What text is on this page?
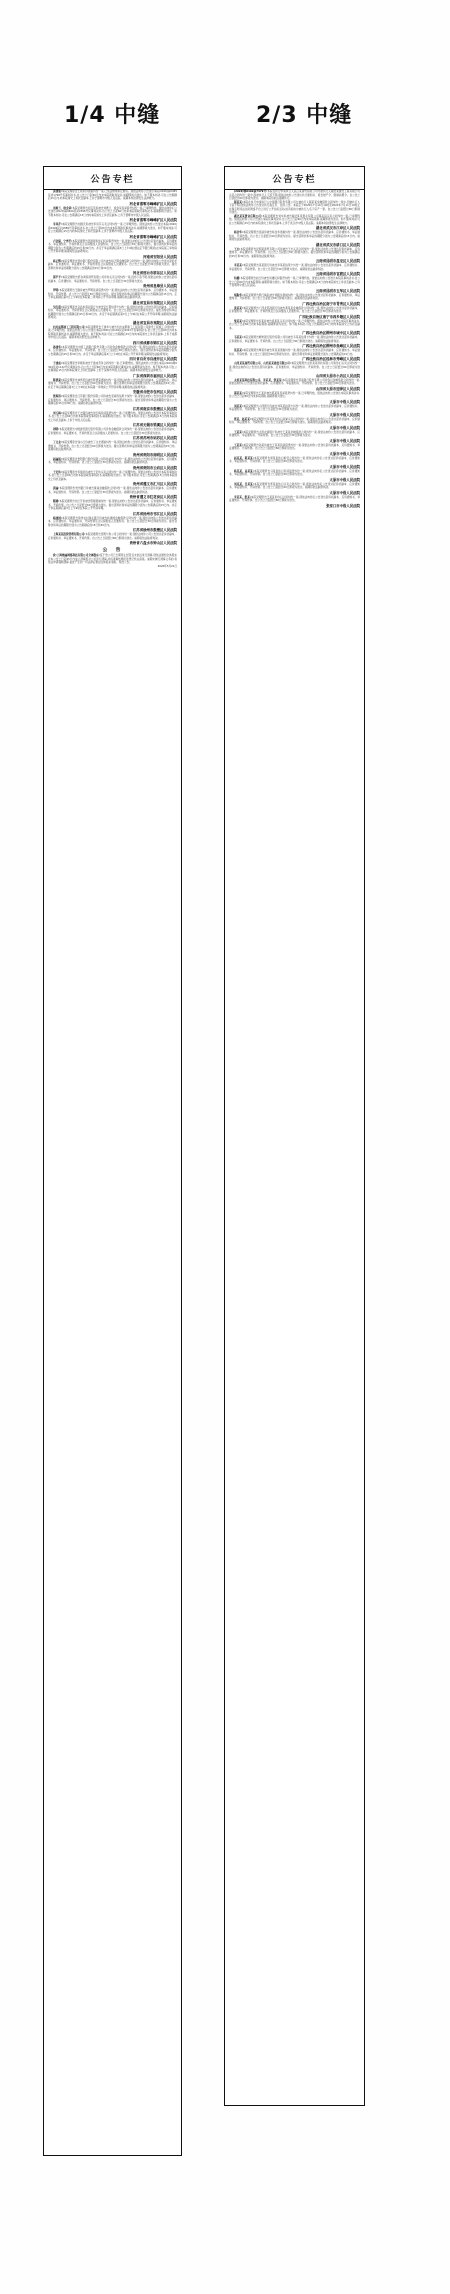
1/4 中缝	2/3 中缝
公告专栏

黄建旭:本院受理原告王艳诉你离婚纠纷一案,已依法缴纳诉讼费用。现依法向你公告送达本院(2020)冀0485民初1768号民事判决书,自公告之日起60日内来本院领取判决书,逾期即视为送达。如不服本判决,可在公告期满后15日内,向本院递交上诉状及副本,上诉于邯郸市中级人民法院。逾期本判决即发生法律效力。

河北省邯郸市峰峰矿区人民法院

刘惠兰、徐金荣:本院受理原告何宝英诉被告刘惠兰、徐金荣民间借贷纠纷一案,已审理终结。现依法向你们公告送达(2020)冀0406民初2396号民事判决书,自公告之日起60日内来本院领取民事判决书,逾期即视为送达。如不服本判决,可在公告期满后15日内向本院递交上诉状及副本,上诉于邯郸市中级人民法院。

河北省邯郸市峰峰矿区人民法院

李凤芹:本院受理原告刘国庆诉被告李凤芹买卖合同纠纷一案,已审理终结。现依法向你公告送达本院(2020)冀0406民初1889号民事判决书,自公告之日起60日内来本院领取民事判决书,逾期即视为送达。如不服本判决,可在公告期满后15日内向本院递交上诉状及副本,上诉于邯郸市中级人民法院。

河北省邯郸市峰峰矿区人民法院

卢金保、宁秀平:本院受理原告张国强诉你们民间借贷纠纷一案,现依法向你们公告送达起诉状副本、应诉通知书、举证通知书、开庭传票及合议庭组成人员通知书。自公告之日起经过30日即视为送达。提出答辩状和举证的期限分别为公告期满后的15日和30日内。并定于举证期满后第3日上午9时(遇法定节假日顺延)在本院第三审判庭公开开庭审理,逾期将依法缺席判决。

河南省安阳县人民法院

杨正辉:本院受理原告邢台银行股份有限公司与被告杨正辉金融借款合同纠纷一案,现依法向你公告送达起诉状副本、应诉通知书、举证通知书、开庭传票及合议庭组成人员通知书。自公告之日起经过30日即视为送达。提出答辩状和举证的期限分别为公告期满后的15日和30日内。

河北省邢台市桥东区人民法院

郭平平:本院受理原告邢台鸿泰商贸有限公司诉你买卖合同纠纷一案,因你下落不明,现依法向你公告送达起诉状副本、应诉通知书、举证通知书、开庭传票。自公告之日起经过30日即视为送达。

贵州省息烽县人民法院

罗明:本院受理原告王刚诉被告罗明民间借贷纠纷一案,现依法向你公告送达起诉状副本、应诉通知书、举证通知书、开庭传票。自公告之日起经过30日即视为送达。提出答辩状和举证的期限分别为公告期满后的15日内。定于举证期满后第3日上午9时在本院第二审判庭公开开庭审理,逾期将依法缺席判决。

湖北省宜昌市夷陵区人民法院

吴红霞:本院受理原告宜昌市商业银行与被告吴红霞信用卡纠纷一案,现依法向你公告送达起诉状副本、应诉通知书、举证通知书、开庭传票及合议庭组成人员通知书。自公告之日起经过60日即视为送达。提出答辩状和举证的期限分别为公告期满后的15日和30日内。并定于举证期满后第3日上午9时在本院公开开庭审理,逾期将依法缺席判决。

湖北省宜昌市夷陵区人民法院

四川成都建工工程有限公司:本院受理原告王建华与被告四川成都建工工程有限公司建设工程施工合同纠纷一案,已审理终结。现依法向你公司公告送达本院(2020)川0104民初4321号民事判决书,自公告之日起60日内来本院领取民事判决书,逾期即视为送达。如不服本判决,可在公告期满后15日内向本院递交上诉状及副本,上诉于成都市中级人民法院。逾期本判决即发生法律效力。

四川省成都市锦江区人民法院

孙建华:本院受理原告中国工商银行股份有限公司诉你金融借款合同纠纷一案,现依法向你公告送达起诉状副本、应诉通知书、举证通知书、开庭传票。自公告之日起经过30日即视为送达。提出答辩状和举证的期限分别为公告期满后的15日和30日内。并定于举证期满后第3日上午9时在本院公开开庭审理,逾期将依法缺席判决。

四川省自贡市自流井区人民法院

于建成:本院受理原告李刚诉被告于建成劳务合同纠纷一案,已审理终结。现依法向你公告送达本院(2020)粤0304民初1122号民事判决书,自公告之日起60日内来本院领取民事判决书,逾期即视为送达。如不服本判决,可在公告期满后15日内向本院递交上诉状及副本,上诉于深圳市中级人民法院。逾期本判决即发生法律效力。

广东省深圳市福田区人民法院

陈德荣:本院受理原告林秀英诉被告陈德荣离婚纠纷一案,现依法向你公告送达起诉状副本、应诉通知书、举证通知书、开庭传票。自公告之日起经过60日即视为送达。提出答辩状和举证的期限分别为公告期满后的15日内。并定于举证期满后第3日上午9时在本院第一审判庭公开开庭审理,逾期将依法缺席判决。

安徽省合肥市包河区人民法院

张海涛:本院受理原告江苏银行股份有限公司诉被告张海涛信用卡纠纷一案,现依法向你公告送达起诉状副本、应诉通知书、举证通知书、开庭传票。自公告之日起经过30日即视为送达。提出答辩状和举证的期限分别为公告期满后的15日和30日内。逾期将依法缺席判决。

江苏省南京市鼓楼区人民法院

刘玉梅:本院受理原告王志强诉被告刘玉梅民间借贷纠纷一案,已审理终结。现依法向你公告送达本院民事判决书,自公告之日起60日内来本院领取民事判决书,逾期即视为送达。如不服本判决,可在公告期满后15日内向本院递交上诉状及副本,上诉于中级人民法院。

江苏省无锡市梁溪区人民法院

周明:本院受理原告中国建设银行股份有限公司诉你金融借款合同纠纷一案,现依法向你公告送达起诉状副本、应诉通知书、举证通知书、开庭传票及合议庭组成人员通知书。自公告之日起经过30日即视为送达。

江苏省苏州市姑苏区人民法院

丁文龙:本院受理原告钱小红诉被告丁文龙离婚纠纷一案,现依法向你公告送达起诉状副本、应诉通知书、举证通知书、开庭传票。自公告之日起经过60日即视为送达。提出答辩状和举证的期限分别为公告期满后的15日内。逾期将依法缺席判决。

贵州省贵阳市南明区人民法院

赵丽娟:本院受理原告贵阳银行股份有限公司诉你信用卡纠纷一案,现依法向你公告送达起诉状副本、应诉通知书、举证通知书、开庭传票。自公告之日起经过30日即视为送达。逾期将依法缺席判决。

贵州省贵阳市云岩区人民法院

王宏伟:本院受理原告李国华诉被告王宏伟买卖合同纠纷一案,已审理终结。现依法向你公告送达本院民事判决书,自公告之日起60日内来本院领取民事判决书,逾期即视为送达。如不服本判决,可在公告期满后15日内向本院递交上诉状及副本。

贵州省遵义市汇川区人民法院

黄丽:本院受理原告贵州银行诉被告黄丽金融借款合同纠纷一案,现依法向你公告送达起诉状副本、应诉通知书、举证通知书、开庭传票。自公告之日起经过30日即视为送达。逾期将依法缺席判决。

贵州省遵义市红花岗区人民法院

陈刚:本院受理原告刘兰芳诉被告陈刚离婚纠纷一案,现依法向你公告送达起诉状副本、应诉通知书、举证通知书、开庭传票。自公告之日起经过60日即视为送达。提出答辩状和举证的期限分别为公告期满后的15日内。并定于举证期满后第3日上午9时在本院公开开庭审理。

江苏省扬州市邗江区人民法院

杨建国:本院受理原告徐州农村商业银行诉被告杨建国金融借款合同纠纷一案,现依法向你公告送达起诉状副本、应诉通知书、举证通知书、开庭传票及合议庭组成人员通知书。自公告之日起经过30日即视为送达。提出答辩状和举证的期限分别为公告期满后的15日和30日内。

江苏省徐州市鼓楼区人民法院

上海某某投资管理有限公司:本院受理原告张明与你公司合同纠纷一案,现依法向你公司公告送达起诉状副本、应诉通知书、举证通知书、开庭传票。自公告之日起经过60日即视为送达。逾期将依法缺席判决。

贵州省六盘水市钟山区人民法院
公　告

致:上海鼎丽网络科技有限公司全体股东:鉴于贵公司已长期停止经营且未依法进行清算,现依法通知全体股东自本公告之日起45日内成立清算组对公司进行清算,并将清算结果报送登记机关备案。逾期未履行清算义务的,将依法申请强制清算,由此产生的一切法律后果由全体股东承担。特此公告。

2020年5月21日
公告专栏

(2020)鄂0102执7479号:本院在执行申请执行人武汉某商贸有限公司与被执行人湖北某建设工程有限公司买卖合同纠纷一案中,因被执行人下落不明,现依法向你公告送达执行通知书、报告财产令、限制消费令。自公告之日起经过60日即视为送达。逾期本院将依法强制执行。

薛某某:本院在执行申请执行人中国银行股份有限公司与被执行人薛某某金融借款合同纠纷一案中,因被执行人下落不明,现依法向你公告送达执行裁定书、拍卖公告。本院定于2020年7月10日10时至2020年7月11日10时止在淘宝网司法拍卖网络平台上进行公开拍卖活动,拍卖标的为被执行人名下房产一套。自公告之日起经过60日即视为送达。

湖北某某置业有限公司:本院受理原告刘华诉被告湖北某某置业有限公司商品房买卖合同纠纷一案,已审理终结。现依法向你公司公告送达本院民事判决书,自公告之日起60日内来本院领取,逾期即视为送达。如不服本判决,可在公告期满后15日内向本院递交上诉状及副本,上诉于武汉市中级人民法院。逾期本判决即发生法律效力。

湖北省武汉市江岸区人民法院

杨金华:本院受理原告张丽诉被告杨金华离婚纠纷一案,现依法向你公告送达起诉状副本、应诉通知书、举证通知书、开庭传票。自公告之日起经过60日即视为送达。提出答辩状和举证的期限分别为公告期满后的15日内。逾期将依法缺席判决。

湖北省武汉市硚口区人民法院

王志:本院受理原告昆明某商贸有限公司诉被告王志买卖合同纠纷一案,现依法向你公告送达起诉状副本、应诉通知书、举证通知书、开庭传票。自公告之日起经过30日即视为送达。提出答辩状和举证的期限分别为公告期满后的15日和30日内。逾期将依法缺席判决。

云南省昆明市盘龙区人民法院

李某某:本院受理原告某某银行诉被告李某某信用卡纠纷一案,现依法向你公告送达起诉状副本、应诉通知书、举证通知书、开庭传票。自公告之日起经过30日即视为送达。逾期将依法缺席判决。

云南省昆明市官渡区人民法院

何雄:本院受理原告赵红诉被告何雄民间借贷纠纷一案,已审理终结。现依法向你公告送达本院民事判决书,自公告之日起60日内来本院领取,逾期即视为送达。如不服本判决,可在公告期满后15日内向本院递交上诉状及副本,上诉于昆明市中级人民法院。

云南省昆明市五华区人民法院

胡振华:本院受理原告陈红梅诉被告胡振华离婚纠纷一案,现依法向你公告送达起诉状副本、应诉通知书、举证通知书、开庭传票。自公告之日起经过60日即视为送达。逾期将依法缺席判决。

广西壮族自治区南宁市青秀区人民法院

黄某某:本院受理原告广西北部湾银行诉被告黄某某金融借款合同纠纷一案,现依法向你公告送达起诉状副本、应诉通知书、举证通知书、开庭传票及合议庭组成人员通知书。自公告之日起经过30日即视为送达。

广西壮族自治区南宁市西乡塘区人民法院

梁某某:本院受理原告李某诉被告梁某某买卖合同纠纷一案,已审理终结。现依法向你公告送达本院民事判决书,自公告之日起60日内来本院领取,逾期即视为送达。如不服本判决,可在公告期满后15日内向本院递交上诉状及副本。

广西壮族自治区柳州市城中区人民法院

韦某某:本院受理原告柳州银行股份有限公司诉被告韦某某信用卡纠纷一案,现依法向你公告送达起诉状副本、应诉通知书、举证通知书、开庭传票。自公告之日起经过30日即视为送达。逾期将依法缺席判决。

广西壮族自治区柳州市鱼峰区人民法院

莫某某:本院受理原告覃某诉被告莫某某离婚纠纷一案,现依法向你公告送达起诉状副本、应诉通知书、举证通知书、开庭传票。自公告之日起经过60日即视为送达。提出答辩状和举证的期限分别为公告期满后的15日内。

广西壮族自治区桂林市秀峰区人民法院

山西某某商贸有限公司、山西某某建设有限公司:本院受理原告太原某某科技有限公司诉你们买卖合同纠纷一案,现依法向你们公告送达起诉状副本、应诉通知书、举证通知书、开庭传票。自公告之日起经过60日即视为送达。

山西省太原市小店区人民法院

太原某某科技有限公司、李某某、张某某:本院受理原告晋商银行股份有限公司诉你们金融借款合同纠纷一案,现依法向你们公告送达起诉状副本、应诉通知书、举证通知书、开庭传票。自公告之日起经过60日即视为送达。

山西省太原市迎泽区人民法院

郭某某:本院受理原告王某诉被告郭某某民间借贷纠纷一案,已审理终结。现依法向你公告送达本院民事判决书,自公告之日起60日内来本院领取,逾期即视为送达。

太原市中级人民法院

刘某某:本院受理原告山西银行诉被告刘某某信用卡纠纷一案,现依法向你公告送达起诉状副本、应诉通知书、举证通知书、开庭传票。自公告之日起经过30日即视为送达。

太原市中级人民法院

张某、赵某某:本院受理原告李某某诉你们房屋买卖合同纠纷一案,现依法向你们公告送达起诉状副本、应诉通知书、举证通知书、开庭传票。自公告之日起经过60日即视为送达。逾期将依法缺席判决。

太原市中级人民法院

王某某:本院受理原告太原农商银行诉被告王某某金融借款合同纠纷一案,现依法向你公告送达起诉状副本、应诉通知书、举证通知书、开庭传票。自公告之日起经过30日即视为送达。

太原市中级人民法院

王某某:本院受理原告孙某诉被告王某某民间借贷纠纷一案,现依法向你公告送达起诉状副本、应诉通知书、举证通知书、开庭传票。自公告之日起经过60日即视为送达。

太原市中级人民法院

赵某某、陈某某:本院受理原告周某诉你们租赁合同纠纷一案,现依法向你们公告送达起诉状副本、应诉通知书、举证通知书、开庭传票。自公告之日起经过60日即视为送达。

太原市中级人民法院

杨某某、高某某:本院受理原告马某诉你们民间借贷纠纷一案,现依法向你们公告送达起诉状副本、应诉通知书、举证通知书、开庭传票。自公告之日起经过60日即视为送达。

太原市中级人民法院

刘某某、吴某某:本院受理原告郑某诉你们买卖合同纠纷一案,现依法向你们公告送达起诉状副本、应诉通知书、举证通知书、开庭传票。自公告之日起经过60日即视为送达。逾期将依法缺席判决。

太原市中级人民法院

李某某、张某:本院受理原告王某某诉你们合同纠纷一案,现依法向你们公告送达起诉状副本、应诉通知书、举证通知书、开庭传票。自公告之日起经过60日即视为送达。

张家口市中级人民法院
